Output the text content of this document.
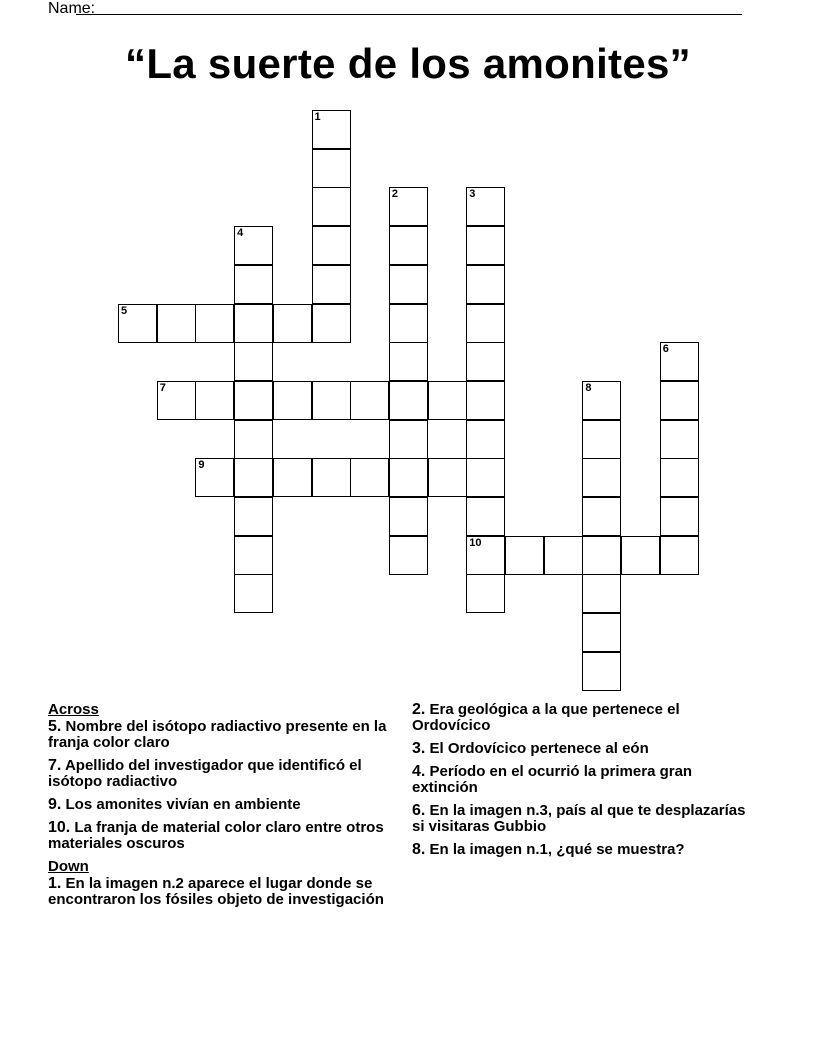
Name:
“La suerte de los amonites”
1
2	3
10
4
5
6
7	8
9
Across
5. Nombre del isótopo radiactivo presente en la franja color claro
7. Apellido del investigador que identificó el isótopo radiactivo
9. Los amonites vivían en ambiente
10. La franja de material color claro entre otros materiales oscuros
Down
1. En la imagen n.2 aparece el lugar donde se encontraron los fósiles objeto de investigación
2. Era geológica a la que pertenece el Ordovícico
3. El Ordovícico pertenece al eón
4. Período en el ocurrió la primera gran extinción
6. En la imagen n.3, país al que te desplazarías si visitaras Gubbio
8. En la imagen n.1, ¿qué se muestra?
